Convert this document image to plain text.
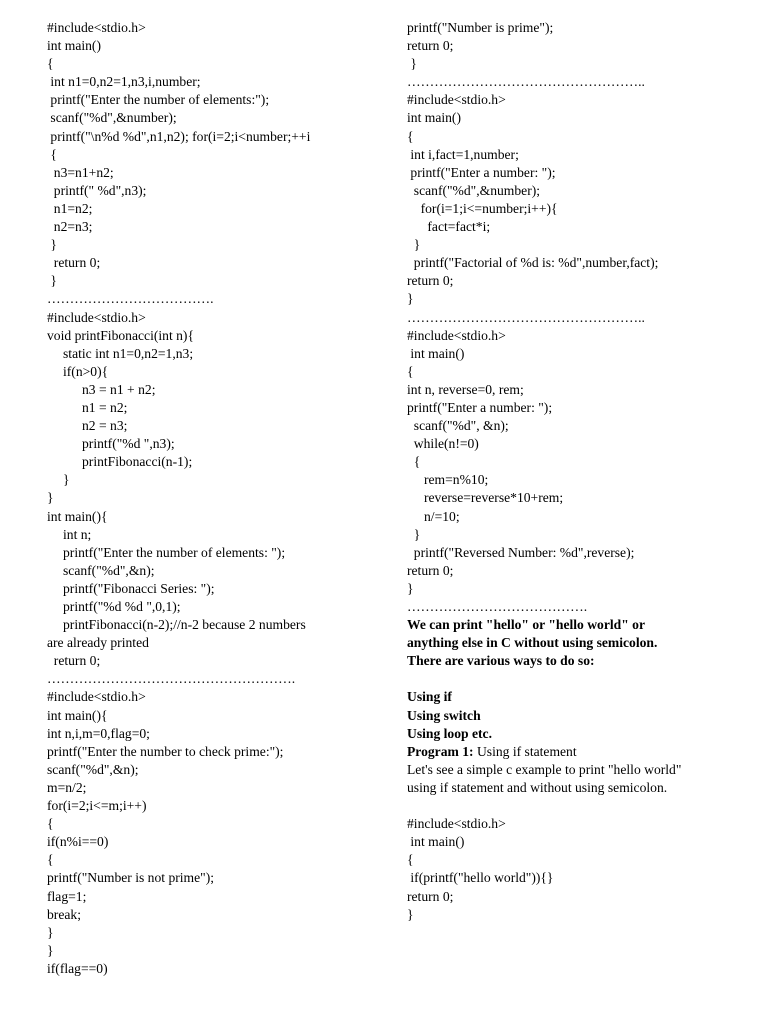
#include<stdio.h>
int main()
{
int n1=0,n2=1,n3,i,number;
printf("Enter the number of elements:");
scanf("%d",&number);
printf("\n%d %d",n1,n2); for(i=2;i<number;++i
{
n3=n1+n2;
printf(" %d",n3);
n1=n2;
n2=n3;
}
return 0;
}
……………………………….
#include<stdio.h>
void printFibonacci(int n){
static int n1=0,n2=1,n3;
if(n>0){
n3 = n1 + n2;
n1 = n2;
n2 = n3;
printf("%d ",n3);
printFibonacci(n-1);
}
}
int main(){
int n;
printf("Enter the number of elements: ");
scanf("%d",&n);
printf("Fibonacci Series: ");
printf("%d %d ",0,1);
printFibonacci(n-2);//n-2 because 2 numbers
are already printed
return 0;
……………………………………………….
#include<stdio.h>
int main(){
int n,i,m=0,flag=0;
printf("Enter the number to check prime:");
scanf("%d",&n);
m=n/2;
for(i=2;i<=m;i++)
{
if(n%i==0)
{
printf("Number is not prime");
flag=1;
break;
}
}
if(flag==0)
printf("Number is prime");
return 0;
}
……………………………………………..
#include<stdio.h>
int main()
{
int i,fact=1,number;
printf("Enter a number: ");
scanf("%d",&number);
for(i=1;i<=number;i++){
fact=fact*i;
}
printf("Factorial of %d is: %d",number,fact);
return 0;
}
……………………………………………..
#include<stdio.h>
int main()
{
int n, reverse=0, rem;
printf("Enter a number: ");
scanf("%d", &n);
while(n!=0)
{
rem=n%10;
reverse=reverse*10+rem;
n/=10;
}
printf("Reversed Number: %d",reverse);
return 0;
}
………………………………….
We can print "hello" or "hello world" or
anything else in C without using semicolon.
There are various ways to do so:
Using if
Using switch
Using loop etc.
Program 1: Using if statement
Let's see a simple c example to print "hello world"
using if statement and without using semicolon.
#include<stdio.h>
int main()
{
if(printf("hello world")){}
return 0;
}
